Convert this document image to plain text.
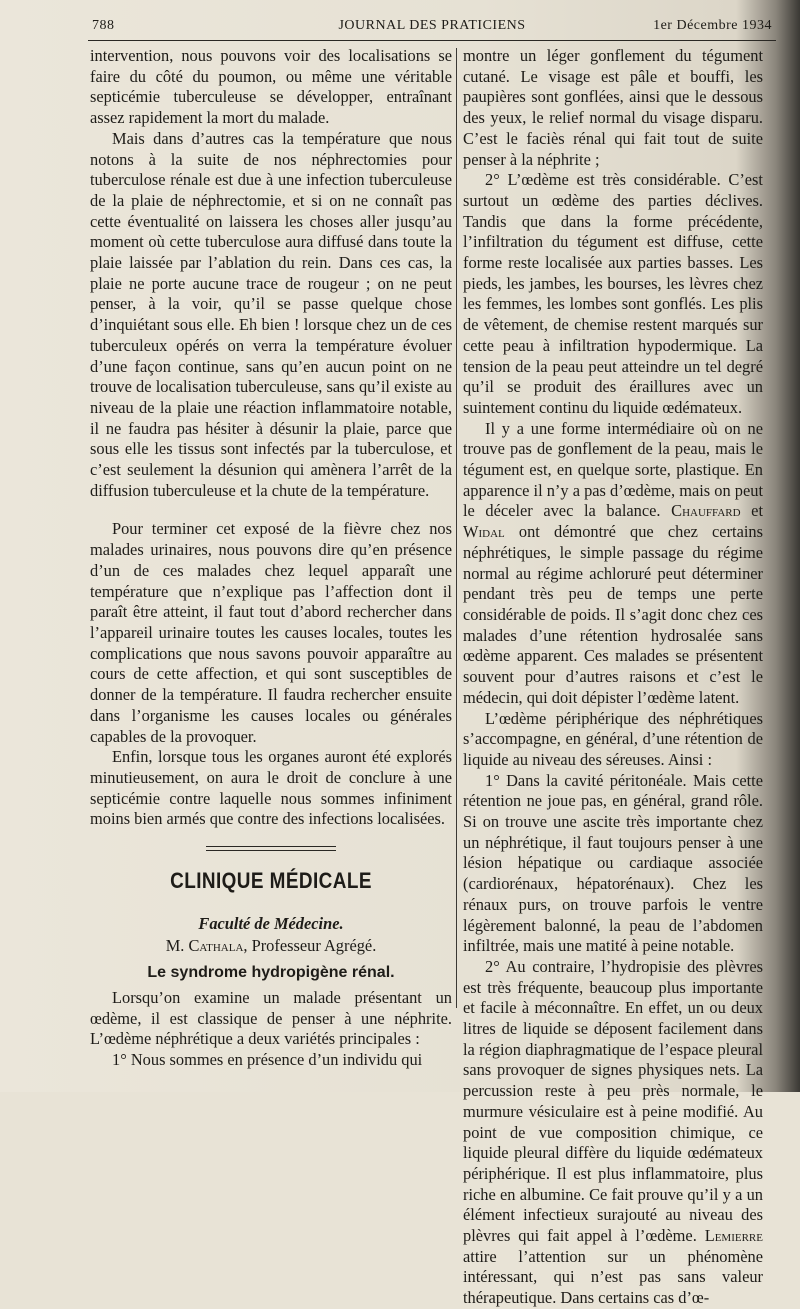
788	JOURNAL DES PRATICIENS	1er Décembre 1934

intervention, nous pouvons voir des localisations se faire du côté du poumon, ou même une véritable septicémie tuberculeuse se développer, entraînant assez rapidement la mort du malade.

Mais dans d’autres cas la température que nous notons à la suite de nos néphrectomies pour tuberculose rénale est due à une infection tuberculeuse de la plaie de néphrectomie, et si on ne connaît pas cette éventualité on laissera les choses aller jusqu’au moment où cette tuberculose aura diffusé dans toute la plaie laissée par l’ablation du rein. Dans ces cas, la plaie ne porte aucune trace de rougeur ; on ne peut penser, à la voir, qu’il se passe quelque chose d’inquiétant sous elle. Eh bien ! lorsque chez un de ces tuberculeux opérés on verra la température évoluer d’une façon continue, sans qu’en aucun point on ne trouve de localisation tuberculeuse, sans qu’il existe au niveau de la plaie une réaction inflammatoire notable, il ne faudra pas hésiter à désunir la plaie, parce que sous elle les tissus sont infectés par la tuberculose, et c’est seulement la désunion qui amènera l’arrêt de la diffusion tuberculeuse et la chute de la température.

Pour terminer cet exposé de la fièvre chez nos malades urinaires, nous pouvons dire qu’en présence d’un de ces malades chez lequel apparaît une température que n’explique pas l’affection dont il paraît être atteint, il faut tout d’abord rechercher dans l’appareil urinaire toutes les causes locales, toutes les complications que nous savons pouvoir apparaître au cours de cette affection, et qui sont susceptibles de donner de la température. Il faudra rechercher ensuite dans l’organisme les causes locales ou générales capables de la provoquer.

Enfin, lorsque tous les organes auront été explorés minutieusement, on aura le droit de conclure à une septicémie contre laquelle nous sommes infiniment moins bien armés que contre des infections localisées.

CLINIQUE MÉDICALE
Faculté de Médecine.
M. Cathala, Professeur Agrégé.
Le syndrome hydropigène rénal.

Lorsqu’on examine un malade présentant un œdème, il est classique de penser à une néphrite. L’œdème néphrétique a deux variétés principales :

1° Nous sommes en présence d’un individu qui

montre un léger gonflement du tégument cutané. Le visage est pâle et bouffi, les paupières sont gonflées, ainsi que le dessous des yeux, le relief normal du visage disparu. C’est le faciès rénal qui fait tout de suite penser à la néphrite ;

2° L’œdème est très considérable. C’est surtout un œdème des parties déclives. Tandis que dans la forme précédente, l’infiltration du tégument est diffuse, cette forme reste localisée aux parties basses. Les pieds, les jambes, les bourses, les lèvres chez les femmes, les lombes sont gonflés. Les plis de vêtement, de chemise restent marqués sur cette peau à infiltration hypodermique. La tension de la peau peut atteindre un tel degré qu’il se produit des éraillures avec un suintement continu du liquide œdémateux.

Il y a une forme intermédiaire où on ne trouve pas de gonflement de la peau, mais le tégument est, en quelque sorte, plastique. En apparence il n’y a pas d’œdème, mais on peut le déceler avec la balance. Chauffard et Widal ont démontré que chez certains néphrétiques, le simple passage du régime normal au régime achloruré peut déterminer pendant très peu de temps une perte considérable de poids. Il s’agit donc chez ces malades d’une rétention hydrosalée sans œdème apparent. Ces malades se présentent souvent pour d’autres raisons et c’est le médecin, qui doit dépister l’œdème latent.

L’œdème périphérique des néphrétiques s’accompagne, en général, d’une rétention de liquide au niveau des séreuses. Ainsi :

1° Dans la cavité péritonéale. Mais cette rétention ne joue pas, en général, grand rôle. Si on trouve une ascite très importante chez un néphrétique, il faut toujours penser à une lésion hépatique ou cardiaque associée (cardiorénaux, hépatorénaux). Chez les rénaux purs, on trouve parfois le ventre légèrement balonné, la peau de l’abdomen infiltrée, mais une matité à peine notable.

2° Au contraire, l’hydropisie des plèvres est très fréquente, beaucoup plus importante et facile à méconnaître. En effet, un ou deux litres de liquide se déposent facilement dans la région diaphragmatique de l’espace pleural sans provoquer de signes physiques nets. La percussion reste à peu près normale, le murmure vésiculaire est à peine modifié. Au point de vue composition chimique, ce liquide pleural diffère du liquide œdémateux périphérique. Il est plus inflammatoire, plus riche en albumine. Ce fait prouve qu’il y a un élément infectieux surajouté au niveau des plèvres qui fait appel à l’œdème. Lemierre attire l’attention sur un phénomène intéressant, qui n’est pas sans valeur thérapeutique. Dans certains cas d’œ-
